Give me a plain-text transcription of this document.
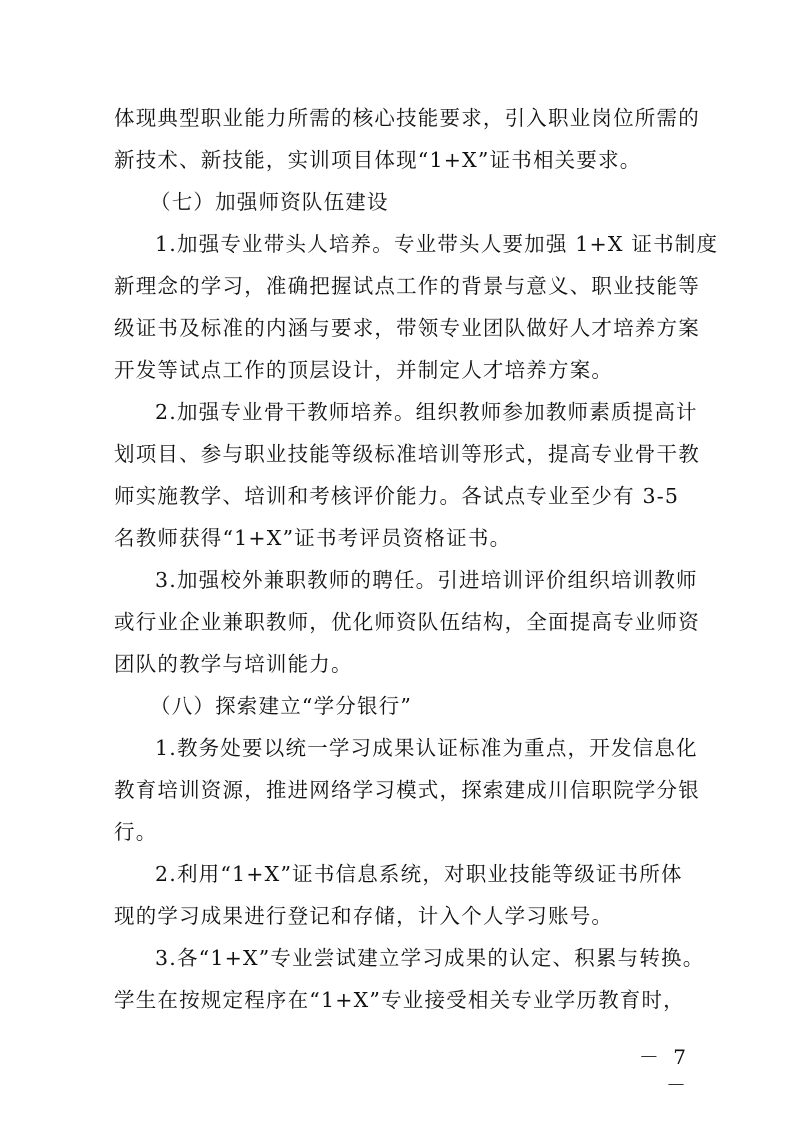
体现典型职业能力所需的核心技能要求，引入职业岗位所需的
新技术、新技能，实训项目体现“1+X”证书相关要求。
（七）加强师资队伍建设
1.加强专业带头人培养。专业带头人要加强 1+X 证书制度
新理念的学习，准确把握试点工作的背景与意义、职业技能等
级证书及标准的内涵与要求，带领专业团队做好人才培养方案
开发等试点工作的顶层设计，并制定人才培养方案。
2.加强专业骨干教师培养。组织教师参加教师素质提高计
划项目、参与职业技能等级标准培训等形式，提高专业骨干教
师实施教学、培训和考核评价能力。各试点专业至少有 3-5
名教师获得“1+X”证书考评员资格证书。
3.加强校外兼职教师的聘任。引进培训评价组织培训教师
或行业企业兼职教师，优化师资队伍结构，全面提高专业师资
团队的教学与培训能力。
（八）探索建立“学分银行”
1.教务处要以统一学习成果认证标准为重点，开发信息化
教育培训资源，推进网络学习模式，探索建成川信职院学分银
行。
2.利用“1+X”证书信息系统，对职业技能等级证书所体
现的学习成果进行登记和存储，计入个人学习账号。
3.各“1+X”专业尝试建立学习成果的认定、积累与转换。
学生在按规定程序在“1+X”专业接受相关专业学历教育时，
－ 7 －
